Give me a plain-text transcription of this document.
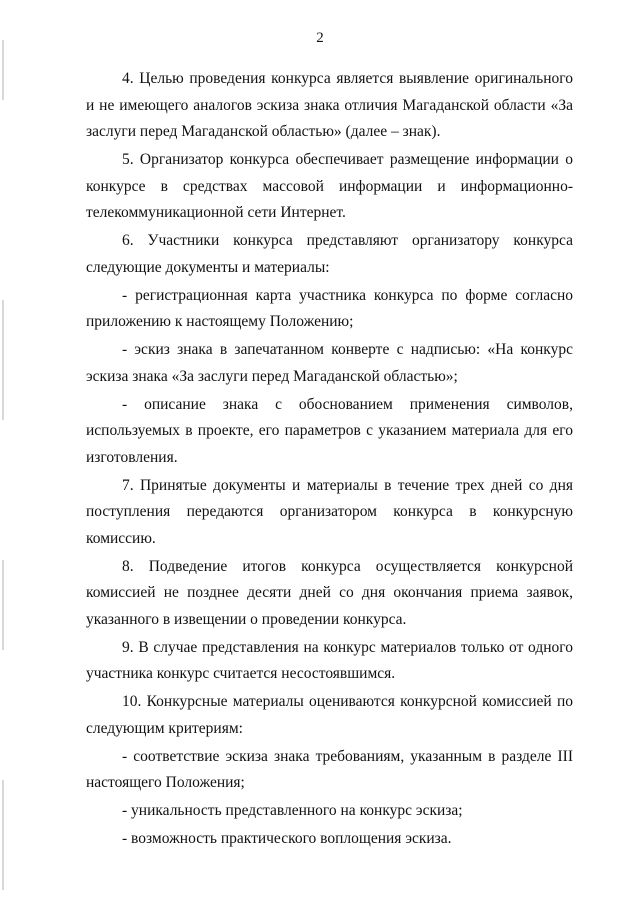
2

4. Целью проведения конкурса является выявление оригинального и не имеющего аналогов эскиза знака отличия Магаданской области «За заслуги перед Магаданской областью» (далее – знак).

5. Организатор конкурса обеспечивает размещение информации о конкурсе в средствах массовой информации и информационно-телекоммуникационной сети Интернет.

6. Участники конкурса представляют организатору конкурса следующие документы и материалы:

- регистрационная карта участника конкурса по форме согласно приложению к настоящему Положению;

- эскиз знака в запечатанном конверте с надписью: «На конкурс эскиза знака «За заслуги перед Магаданской областью»;

- описание знака с обоснованием применения символов, используемых в проекте, его параметров с указанием материала для его изготовления.

7. Принятые документы и материалы в течение трех дней со дня поступления передаются организатором конкурса в конкурсную комиссию.

8. Подведение итогов конкурса осуществляется конкурсной комиссией не позднее десяти дней со дня окончания приема заявок, указанного в извещении о проведении конкурса.

9. В случае представления на конкурс материалов только от одного участника конкурс считается несостоявшимся.

10. Конкурсные материалы оцениваются конкурсной комиссией по следующим критериям:

- соответствие эскиза знака требованиям, указанным в разделе III настоящего Положения;

- уникальность представленного на конкурс эскиза;

- возможность практического воплощения эскиза.
